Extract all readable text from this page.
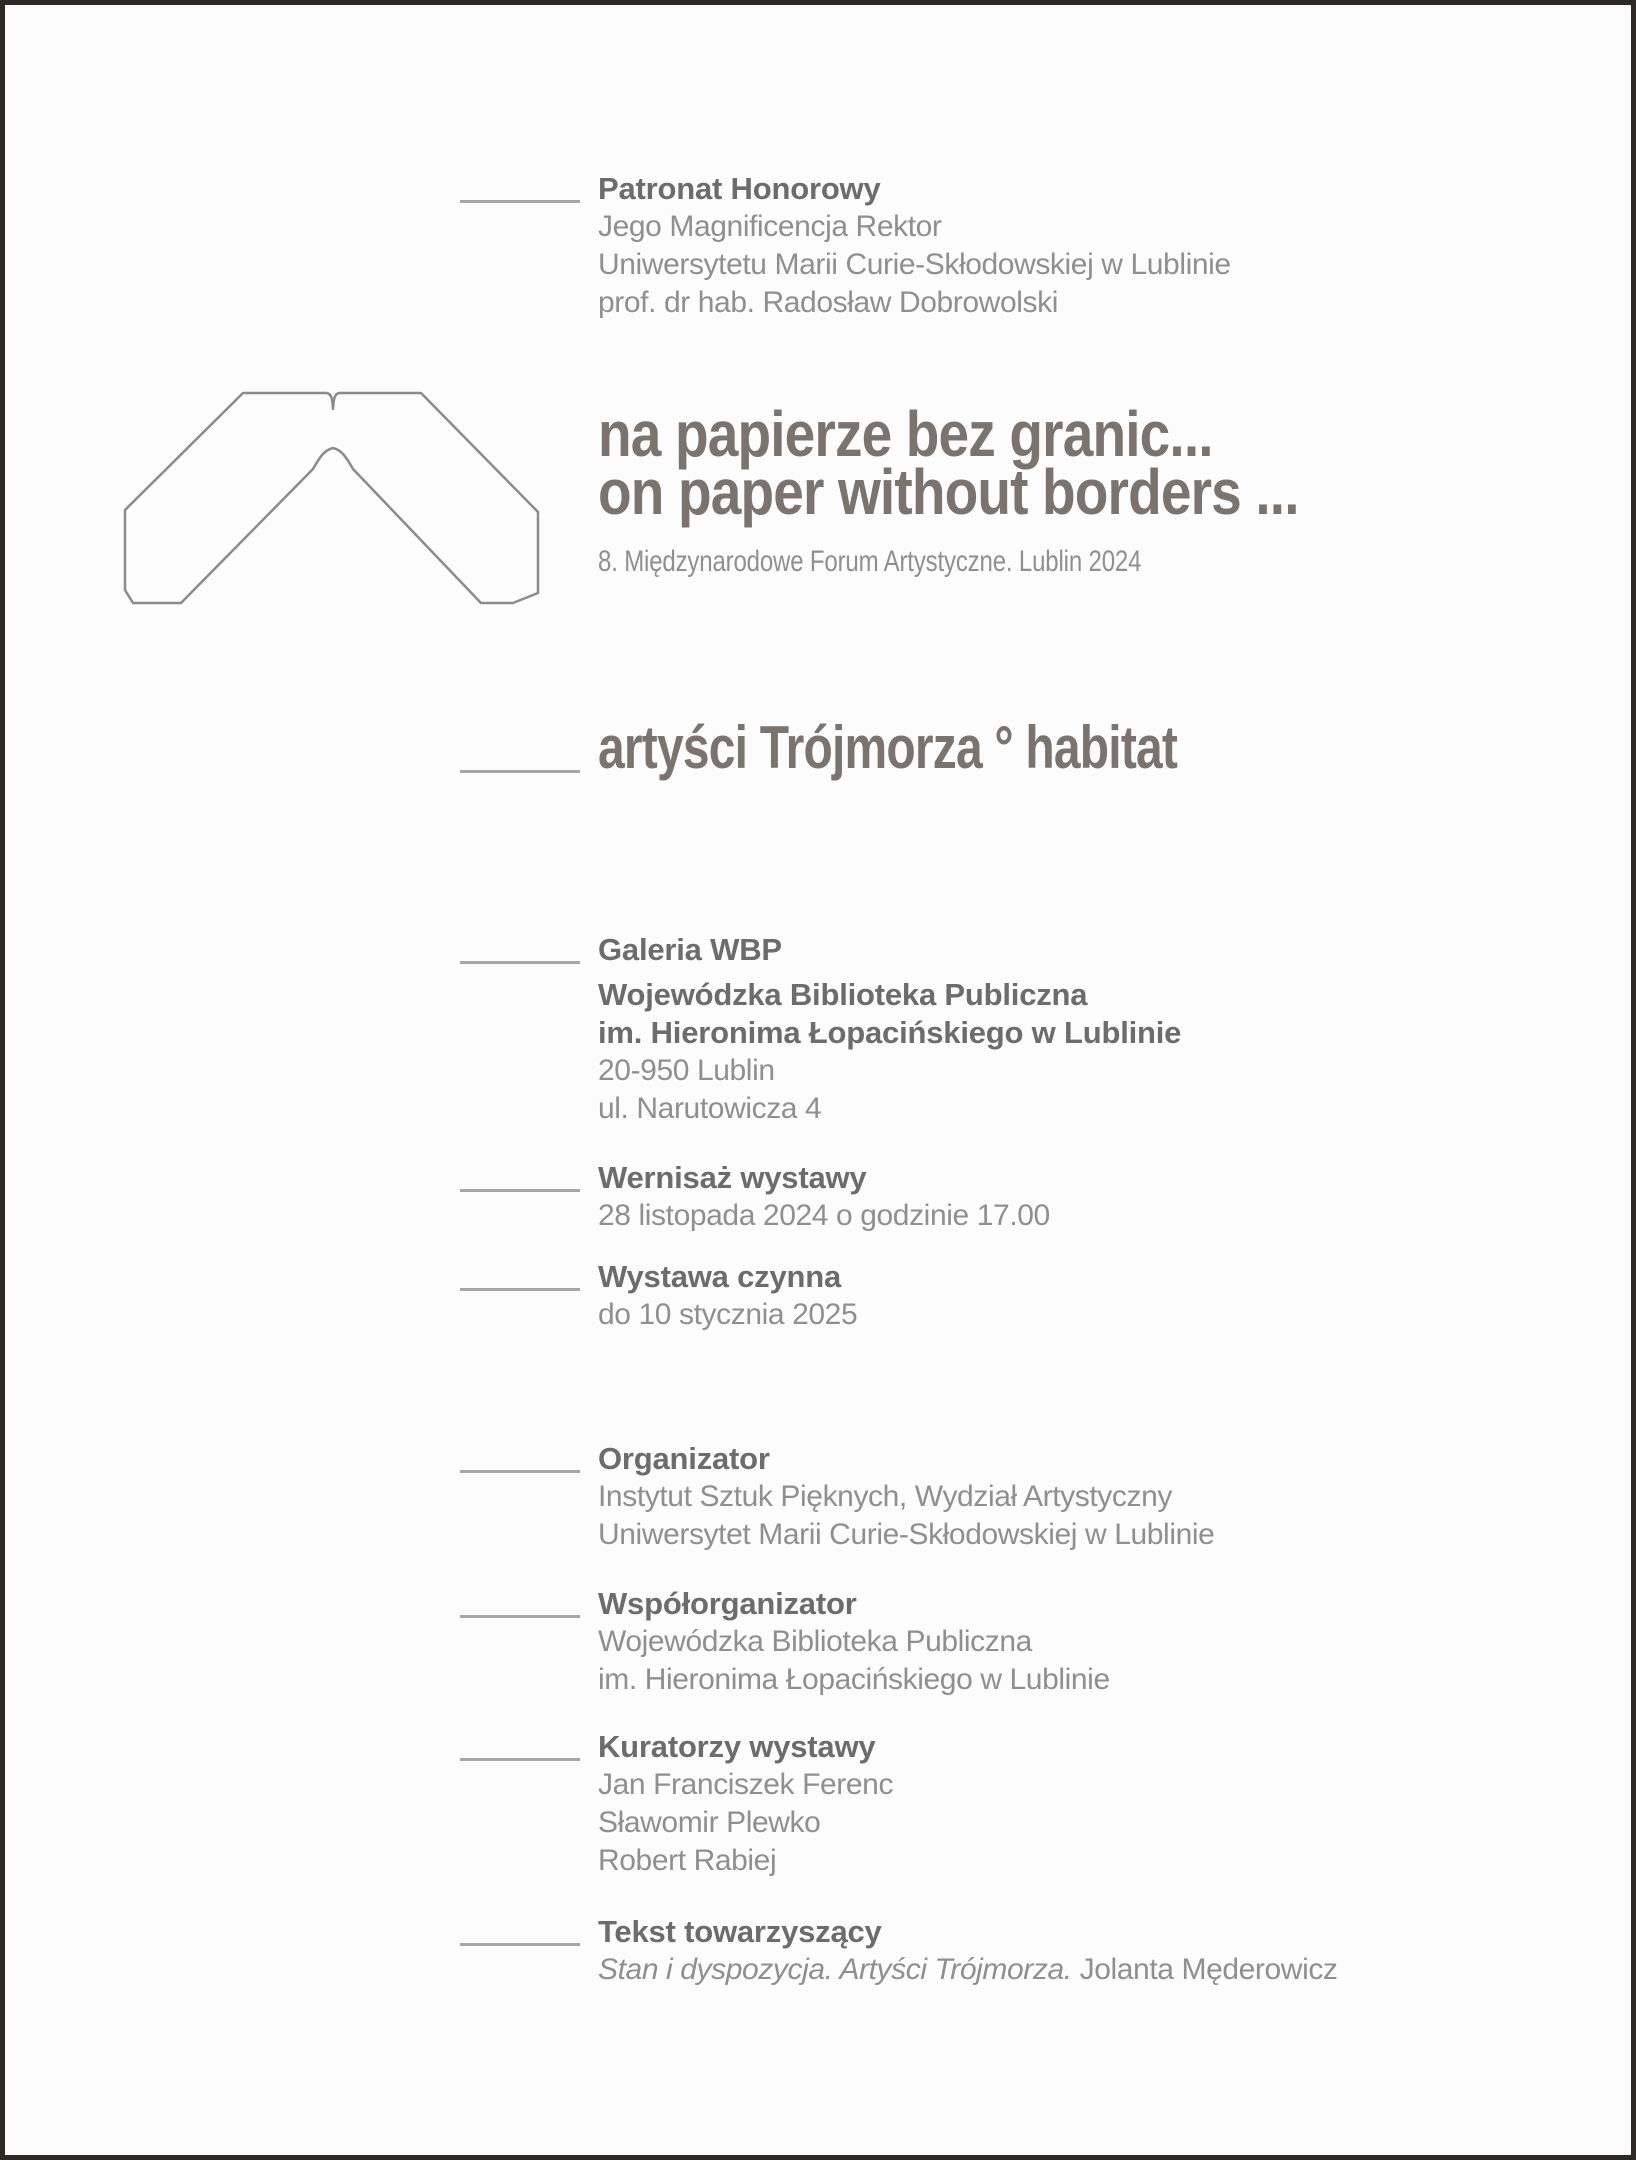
Patronat Honorowy
Jego Magnificencja Rektor
Uniwersytetu Marii Curie-Skłodowskiej w Lublinie
prof. dr hab. Radosław Dobrowolski
na papierze bez granic...
on paper without borders ...
8. Międzynarodowe Forum Artystyczne. Lublin 2024
artyści Trójmorza ° habitat
Galeria WBP
Wojewódzka Biblioteka Publiczna
im. Hieronima Łopacińskiego w Lublinie
20-950 Lublin
ul. Narutowicza 4
Wernisaż wystawy
28 listopada 2024 o godzinie 17.00
Wystawa czynna
do 10 stycznia 2025
Organizator
Instytut Sztuk Pięknych, Wydział Artystyczny
Uniwersytet Marii Curie-Skłodowskiej w Lublinie
Współorganizator
Wojewódzka Biblioteka Publiczna
im. Hieronima Łopacińskiego w Lublinie
Kuratorzy wystawy
Jan Franciszek Ferenc
Sławomir Plewko
Robert Rabiej
Tekst towarzyszący
Stan i dyspozycja. Artyści Trójmorza. Jolanta Męderowicz
